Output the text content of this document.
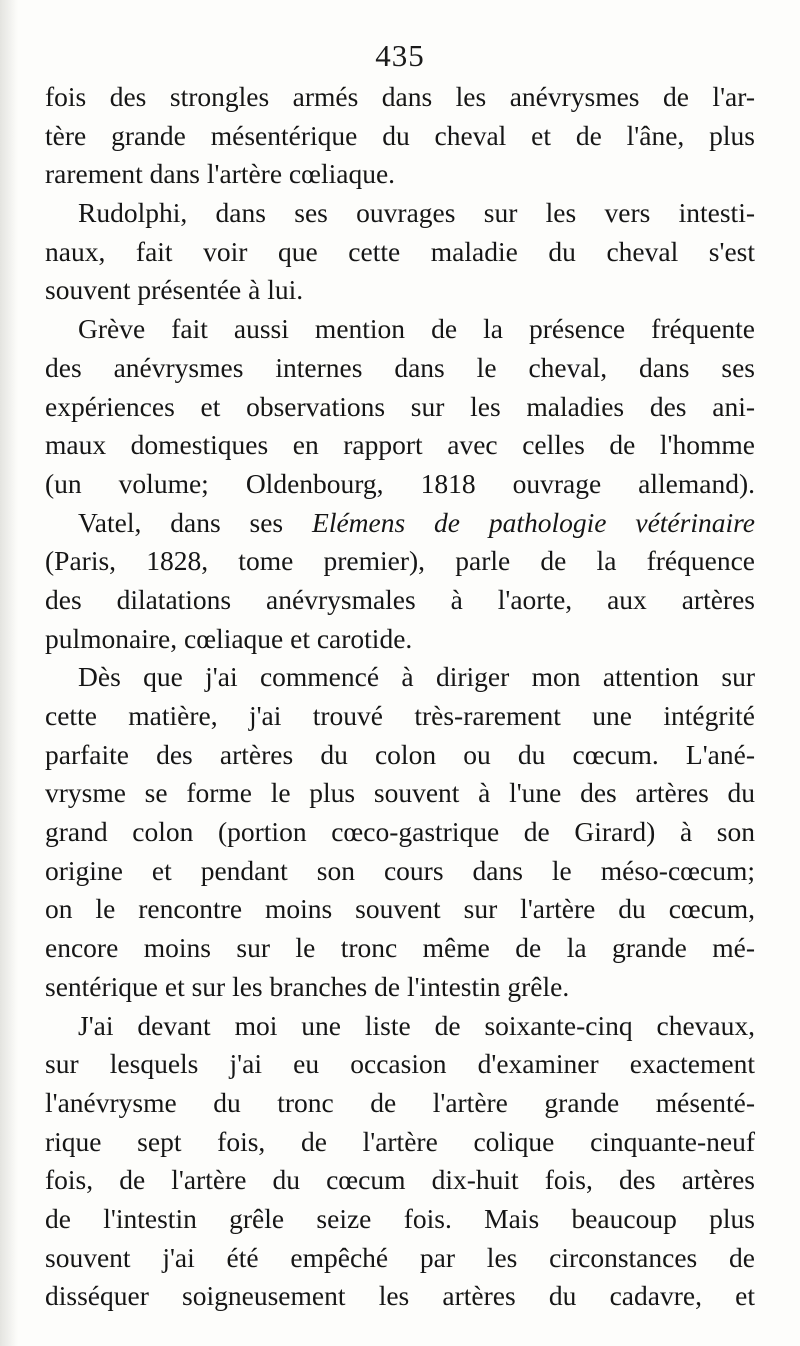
435
fois des strongles armés dans les anévrysmes de l'ar-
tère grande mésentérique du cheval et de l'âne, plus
rarement dans l'artère cœliaque.
Rudolphi, dans ses ouvrages sur les vers intesti-
naux, fait voir que cette maladie du cheval s'est
souvent présentée à lui.
Grève fait aussi mention de la présence fréquente
des anévrysmes internes dans le cheval, dans ses
expériences et observations sur les maladies des ani-
maux domestiques en rapport avec celles de l'homme
(un volume; Oldenbourg, 1818 ouvrage allemand).
Vatel, dans ses Elémens de pathologie vétérinaire
(Paris, 1828, tome premier), parle de la fréquence
des dilatations anévrysmales à l'aorte, aux artères
pulmonaire, cœliaque et carotide.
Dès que j'ai commencé à diriger mon attention sur
cette matière, j'ai trouvé très-rarement une intégrité
parfaite des artères du colon ou du cœcum. L'ané-
vrysme se forme le plus souvent à l'une des artères du
grand colon (portion cœco-gastrique de Girard) à son
origine et pendant son cours dans le méso-cœcum;
on le rencontre moins souvent sur l'artère du cœcum,
encore moins sur le tronc même de la grande mé-
sentérique et sur les branches de l'intestin grêle.
J'ai devant moi une liste de soixante-cinq chevaux,
sur lesquels j'ai eu occasion d'examiner exactement
l'anévrysme du tronc de l'artère grande mésenté-
rique sept fois, de l'artère colique cinquante-neuf
fois, de l'artère du cœcum dix-huit fois, des artères
de l'intestin grêle seize fois. Mais beaucoup plus
souvent j'ai été empêché par les circonstances de
disséquer soigneusement les artères du cadavre, et
